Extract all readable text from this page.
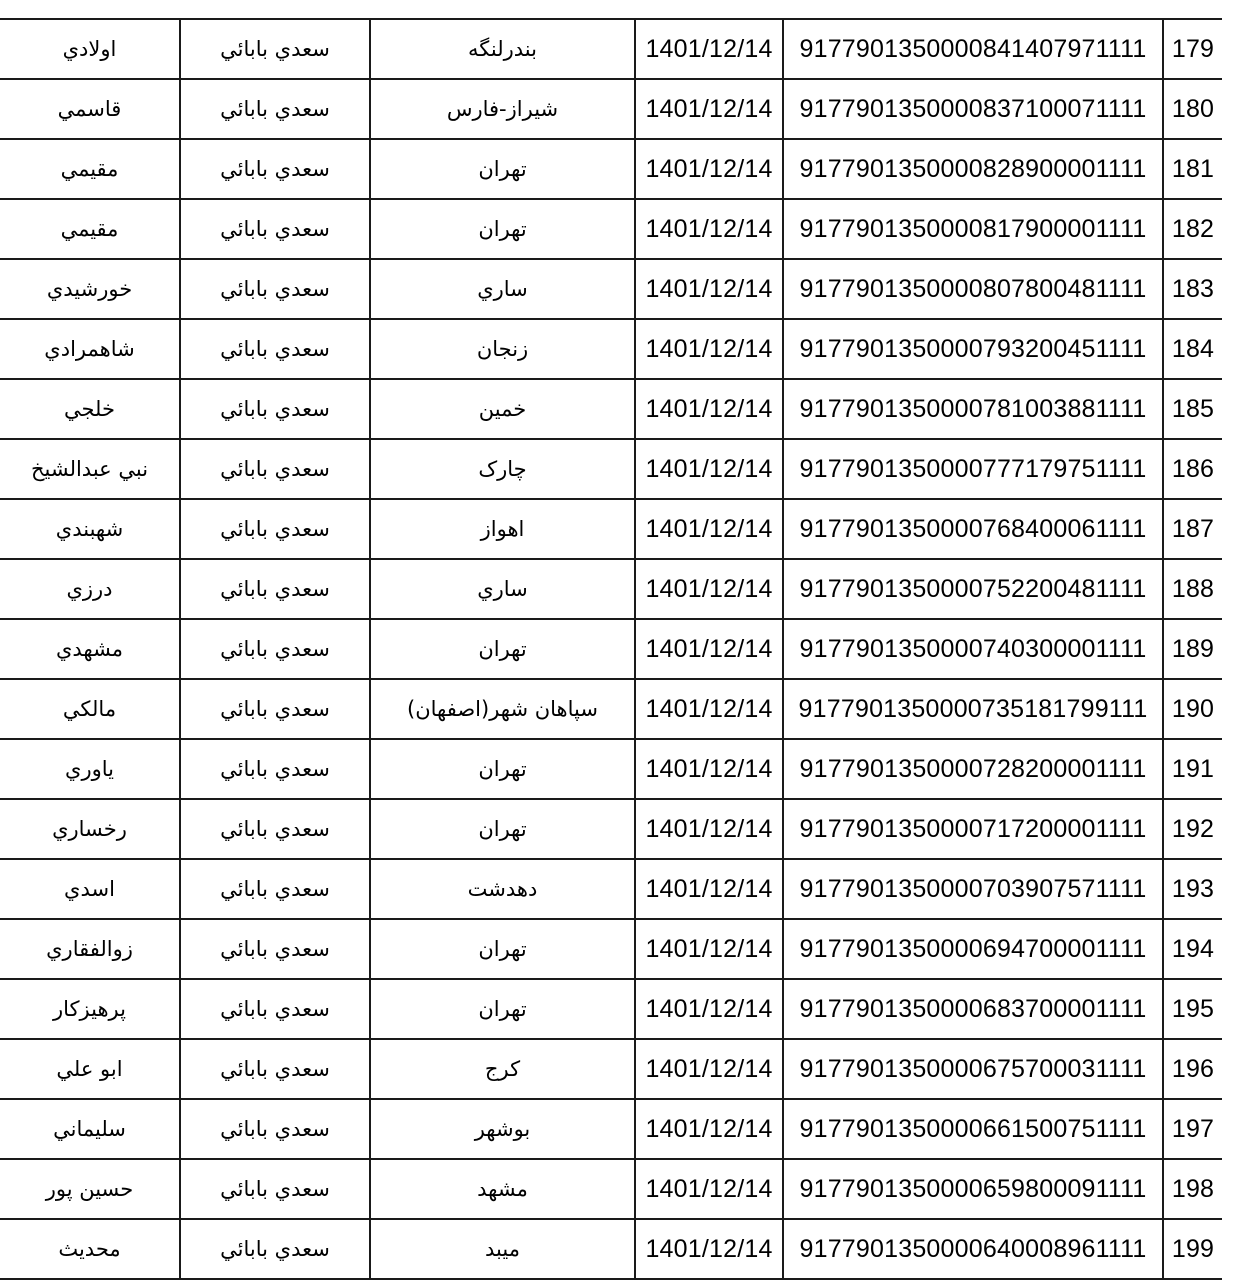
اولادي	سعدي بابائي	بندرلنگه	1401/12/14	9177901350000841407971111	179
قاسمي	سعدي بابائي	شيراز-فارس	1401/12/14	9177901350000837100071111	180
مقيمي	سعدي بابائي	تهران	1401/12/14	9177901350000828900001111	181
مقيمي	سعدي بابائي	تهران	1401/12/14	9177901350000817900001111	182
خورشيدي	سعدي بابائي	ساري	1401/12/14	9177901350000807800481111	183
شاهمرادي	سعدي بابائي	زنجان	1401/12/14	9177901350000793200451111	184
خلجي	سعدي بابائي	خمين	1401/12/14	9177901350000781003881111	185
نبي عبدالشيخ	سعدي بابائي	چارک	1401/12/14	9177901350000777179751111	186
شهبندي	سعدي بابائي	اهواز	1401/12/14	9177901350000768400061111	187
درزي	سعدي بابائي	ساري	1401/12/14	9177901350000752200481111	188
مشهدي	سعدي بابائي	تهران	1401/12/14	9177901350000740300001111	189
مالكي	سعدي بابائي	سپاهان شهر(اصفهان)	1401/12/14	9177901350000735181799111	190
ياوري	سعدي بابائي	تهران	1401/12/14	9177901350000728200001111	191
رخساري	سعدي بابائي	تهران	1401/12/14	9177901350000717200001111	192
اسدي	سعدي بابائي	دهدشت	1401/12/14	9177901350000703907571111	193
زوالفقاري	سعدي بابائي	تهران	1401/12/14	9177901350000694700001111	194
پرهيزكار	سعدي بابائي	تهران	1401/12/14	9177901350000683700001111	195
ابو علي	سعدي بابائي	كرج	1401/12/14	9177901350000675700031111	196
سليماني	سعدي بابائي	بوشهر	1401/12/14	9177901350000661500751111	197
حسين پور	سعدي بابائي	مشهد	1401/12/14	9177901350000659800091111	198
محديث	سعدي بابائي	ميبد	1401/12/14	9177901350000640008961111	199
